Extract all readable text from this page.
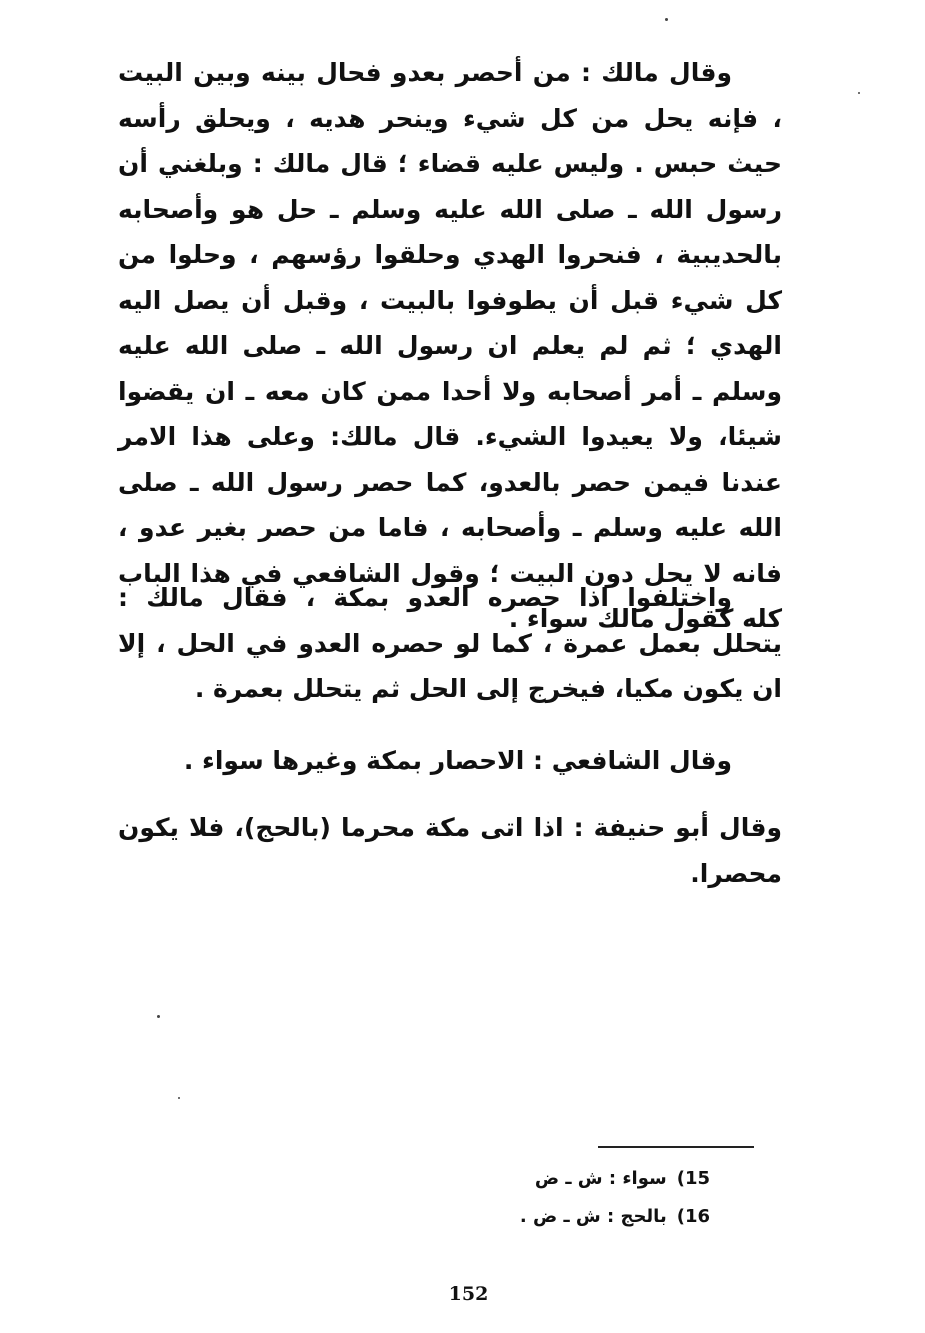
وقال مالك : من أحصر بعدو فحال بينه وبين البيت ، فإنه يحل من كل شيء وينحر هديه ، ويحلق رأسه حيث حبس . وليس عليه قضاء ؛ قال مالك : وبلغني أن رسول الله ـ صلى الله عليه وسلم ـ حل هو وأصحابه بالحديبية ، فنحروا الهدي وحلقوا رؤسهم ، وحلوا من كل شيء قبل أن يطوفوا بالبيت ، وقبل أن يصل اليه الهدي ؛ ثم لم يعلم ان رسول الله ـ صلى الله عليه وسلم ـ أمر أصحابه ولا أحدا ممن كان معه ـ ان يقضوا شيئا، ولا يعيدوا الشيء. قال مالك: وعلى هذا الامر عندنا فيمن حصر بالعدو، كما حصر رسول الله ـ صلى الله عليه وسلم ـ وأصحابه ، فاما من حصر بغير عدو ، فانه لا يحل دون البيت ؛ وقول الشافعي في هذا الباب كله كقول مالك سواء .

واختلفوا اذا حصره العدو بمكة ، فقال مالك : يتحلل بعمل عمرة ، كما لو حصره العدو في الحل ، إلا ان يكون مكيا، فيخرج إلى الحل ثم يتحلل بعمرة .

وقال الشافعي : الاحصار بمكة وغيرها سواء .

وقال أبو حنيفة : اذا اتى مكة محرما (بالحج)، فلا يكون محصرا.

15)سواء : ش ـ ض
16)بالحج : ش ـ ض .
152
